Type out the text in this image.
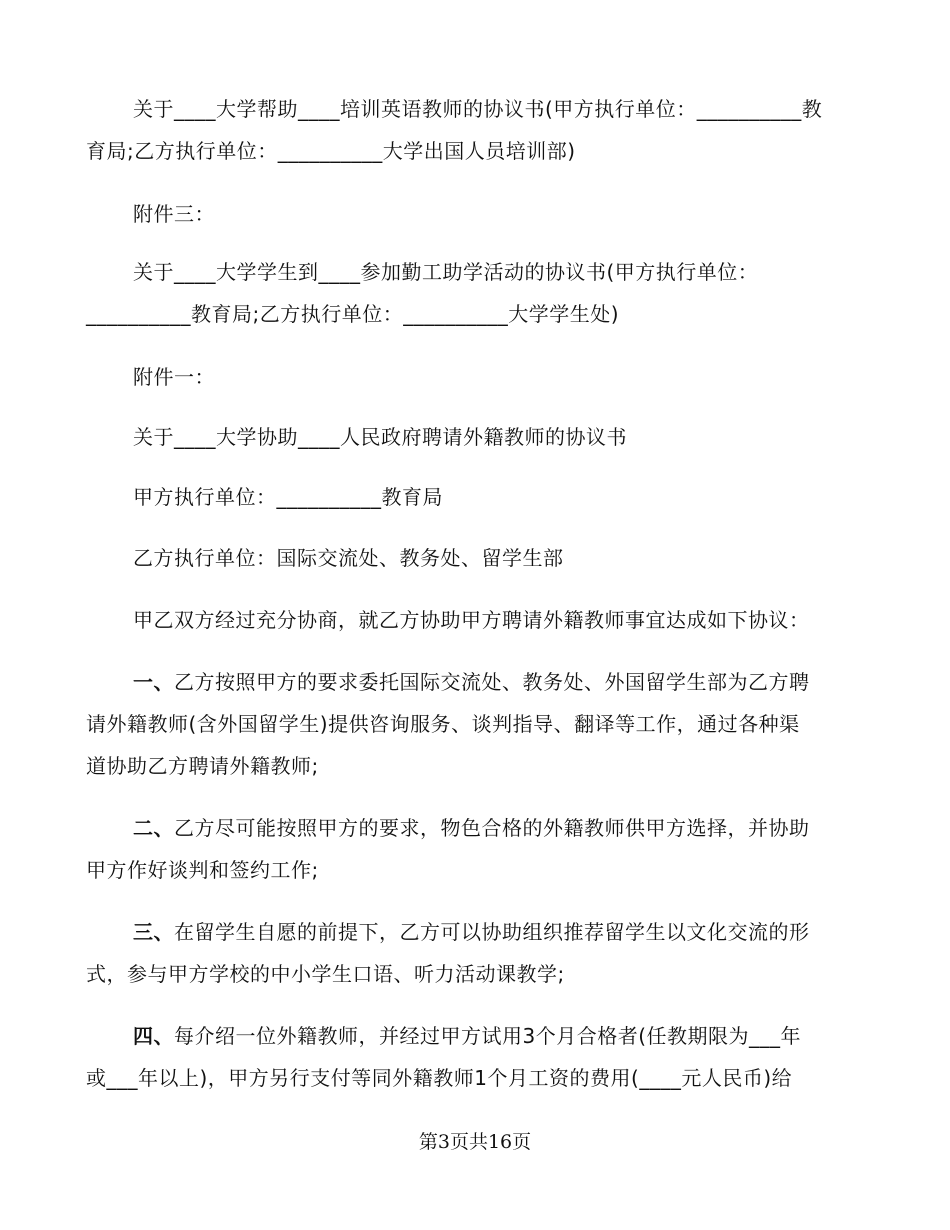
关于____大学帮助____培训英语教师的协议书(甲方执行单位：__________教
育局;乙方执行单位：__________大学出国人员培训部)
附件三：
关于____大学学生到____参加勤工助学活动的协议书(甲方执行单位：
__________教育局;乙方执行单位：__________大学学生处)
附件一：
关于____大学协助____人民政府聘请外籍教师的协议书
甲方执行单位：__________教育局
乙方执行单位：国际交流处、教务处、留学生部
甲乙双方经过充分协商，就乙方协助甲方聘请外籍教师事宜达成如下协议：
一、乙方按照甲方的要求委托国际交流处、教务处、外国留学生部为乙方聘
请外籍教师(含外国留学生)提供咨询服务、谈判指导、翻译等工作，通过各种渠
道协助乙方聘请外籍教师;
二、乙方尽可能按照甲方的要求，物色合格的外籍教师供甲方选择，并协助
甲方作好谈判和签约工作;
三、在留学生自愿的前提下，乙方可以协助组织推荐留学生以文化交流的形
式，参与甲方学校的中小学生口语、听力活动课教学;
四、每介绍一位外籍教师，并经过甲方试用3个月合格者(任教期限为___年
或___年以上)，甲方另行支付等同外籍教师1个月工资的费用(____元人民币)给
第3页共16页
